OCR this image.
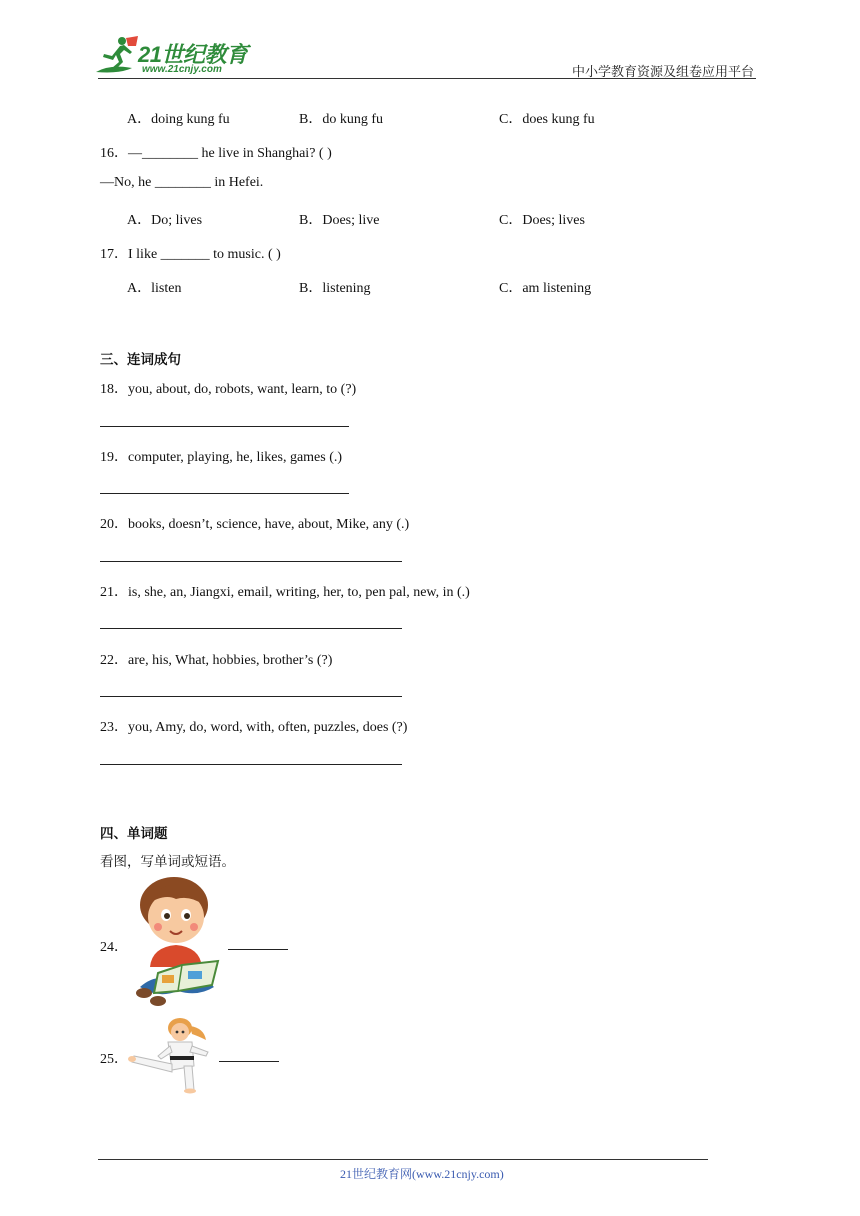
21世纪教育
www.21cnjy.com	中小学教育资源及组卷应用平台
A．doing kung fu	B．do kung fu	C．does kung fu
16．—________ he live in Shanghai? ( )
—No, he ________ in Hefei.
A．Do; lives	B．Does; live	C．Does; lives
17．I like _______ to music. ( )
A．listen	B．listening	C．am listening
三、连词成句
18．you, about, do, robots, want, learn, to (?)
19．computer, playing, he, likes, games (.)
20．books, doesn’t, science, have, about, Mike, any (.)
21．is, she, an, Jiangxi, email, writing, her, to, pen pal, new, in (.)
22．are, his, What, hobbies, brother’s (?)
23．you, Amy, do, word, with, often, puzzles, does (?)
四、单词题
看图，写单词或短语。
24．
25．
21世纪教育网(www.21cnjy.com)
